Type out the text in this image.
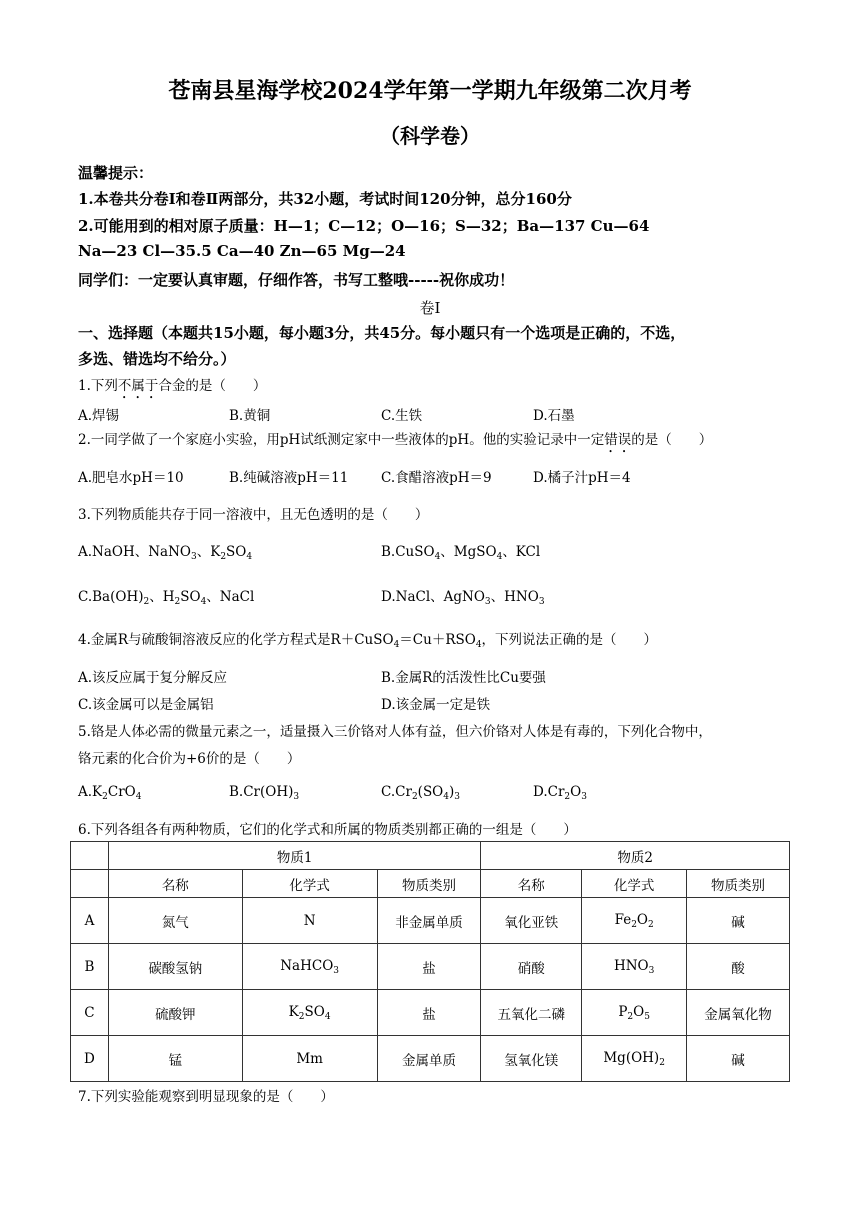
苍南县星海学校2024学年第一学期九年级第二次月考
（科学卷）
温馨提示：
1.本卷共分卷Ⅰ和卷Ⅱ两部分，共32小题，考试时间120分钟，总分160分
2.可能用到的相对原子质量：H—1；C—12；O—16；S—32；Ba—137 Cu—64
Na—23 Cl—35.5 Ca—40 Zn—65 Mg—24
同学们：一定要认真审题，仔细作答，书写工整哦-----祝你成功！
卷Ⅰ
一、选择题（本题共15小题，每小题3分，共45分。每小题只有一个选项是正确的，不选，
多选、错选均不给分。）
1.下列不属于合金的是（　　）
A.焊锡	B.黄铜	C.生铁	D.石墨
2.一同学做了一个家庭小实验，用pH试纸测定家中一些液体的pH。他的实验记录中一定错误的是（　　）
A.肥皂水pH＝10	B.纯碱溶液pH＝11 C.食醋溶液pH＝9	D.橘子汁pH＝4
3.下列物质能共存于同一溶液中，且无色透明的是（　　）
A.NaOH、NaNO$_3$、$K_2SO_4$	B.CuSO$_4$、MgSO$_4$、KCl
$C.Ba(OH)_2$、$H_2SO_4$、NaCl	D.NaCl、AgNO$_3$、$HNO_3$
4.金属R与硫酸铜溶液反应的化学方程式是$R+CuSO_4=Cu+RSO_4$，下列说法正确的是（　　）
A.该反应属于复分解反应	B.金属R的活泼性比Cu要强
C.该金属可以是金属铝	D.该金属一定是铁
5.铬是人体必需的微量元素之一，适量摄入三价铬对人体有益，但六价铬对人体是有毒的，下列化合物中，
铬元素的化合价为+6价的是（　　）
$A.K_2CrO_4$	$B.Cr(OH)_3$	$C.Cr_2(SO_4)_3$	$D.Cr_2O_3$
6.下列各组各有两种物质，它们的化学式和所属的物质类别都正确的一组是（　　）
	物质1			物质2		
	名称	化学式	物质类别	名称	化学式	物质类别
A	氮气	N	非金属单质	氧化亚铁	$Fe_2O_2$	碱
B	碳酸氢钠	NaHCO$_3$	盐	硝酸	$HNO_3$	酸
C	硫酸钾	$K_2SO_4$	盐	五氧化二磷	$P_2O_5$	金属氧化物
D	锰	Mm	金属单质	氢氧化镁	$Mg(OH)_2$	碱
7.下列实验能观察到明显现象的是（　　）
